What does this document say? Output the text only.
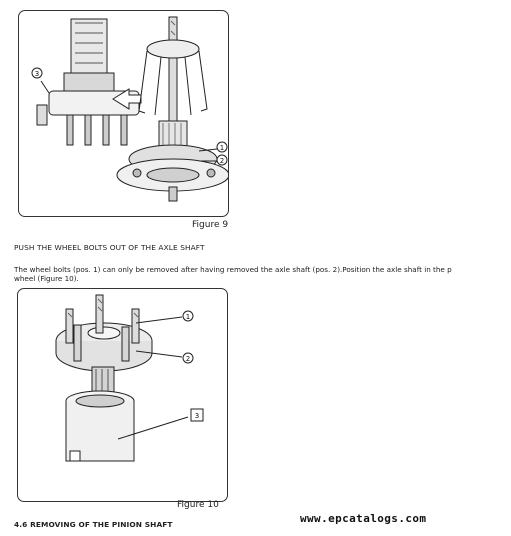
1
2
3
Figure 9
PUSH THE WHEEL BOLTS OUT OF THE AXLE SHAFT
The wheel bolts (pos. 1) can only be removed after having removed the axle shaft (pos. 2).Position the axle shaft in the p
wheel (Figure 10).
1
2
3
Figure 10
4.6 REMOVING OF THE PINION SHAFT	www.epcatalogs.com
